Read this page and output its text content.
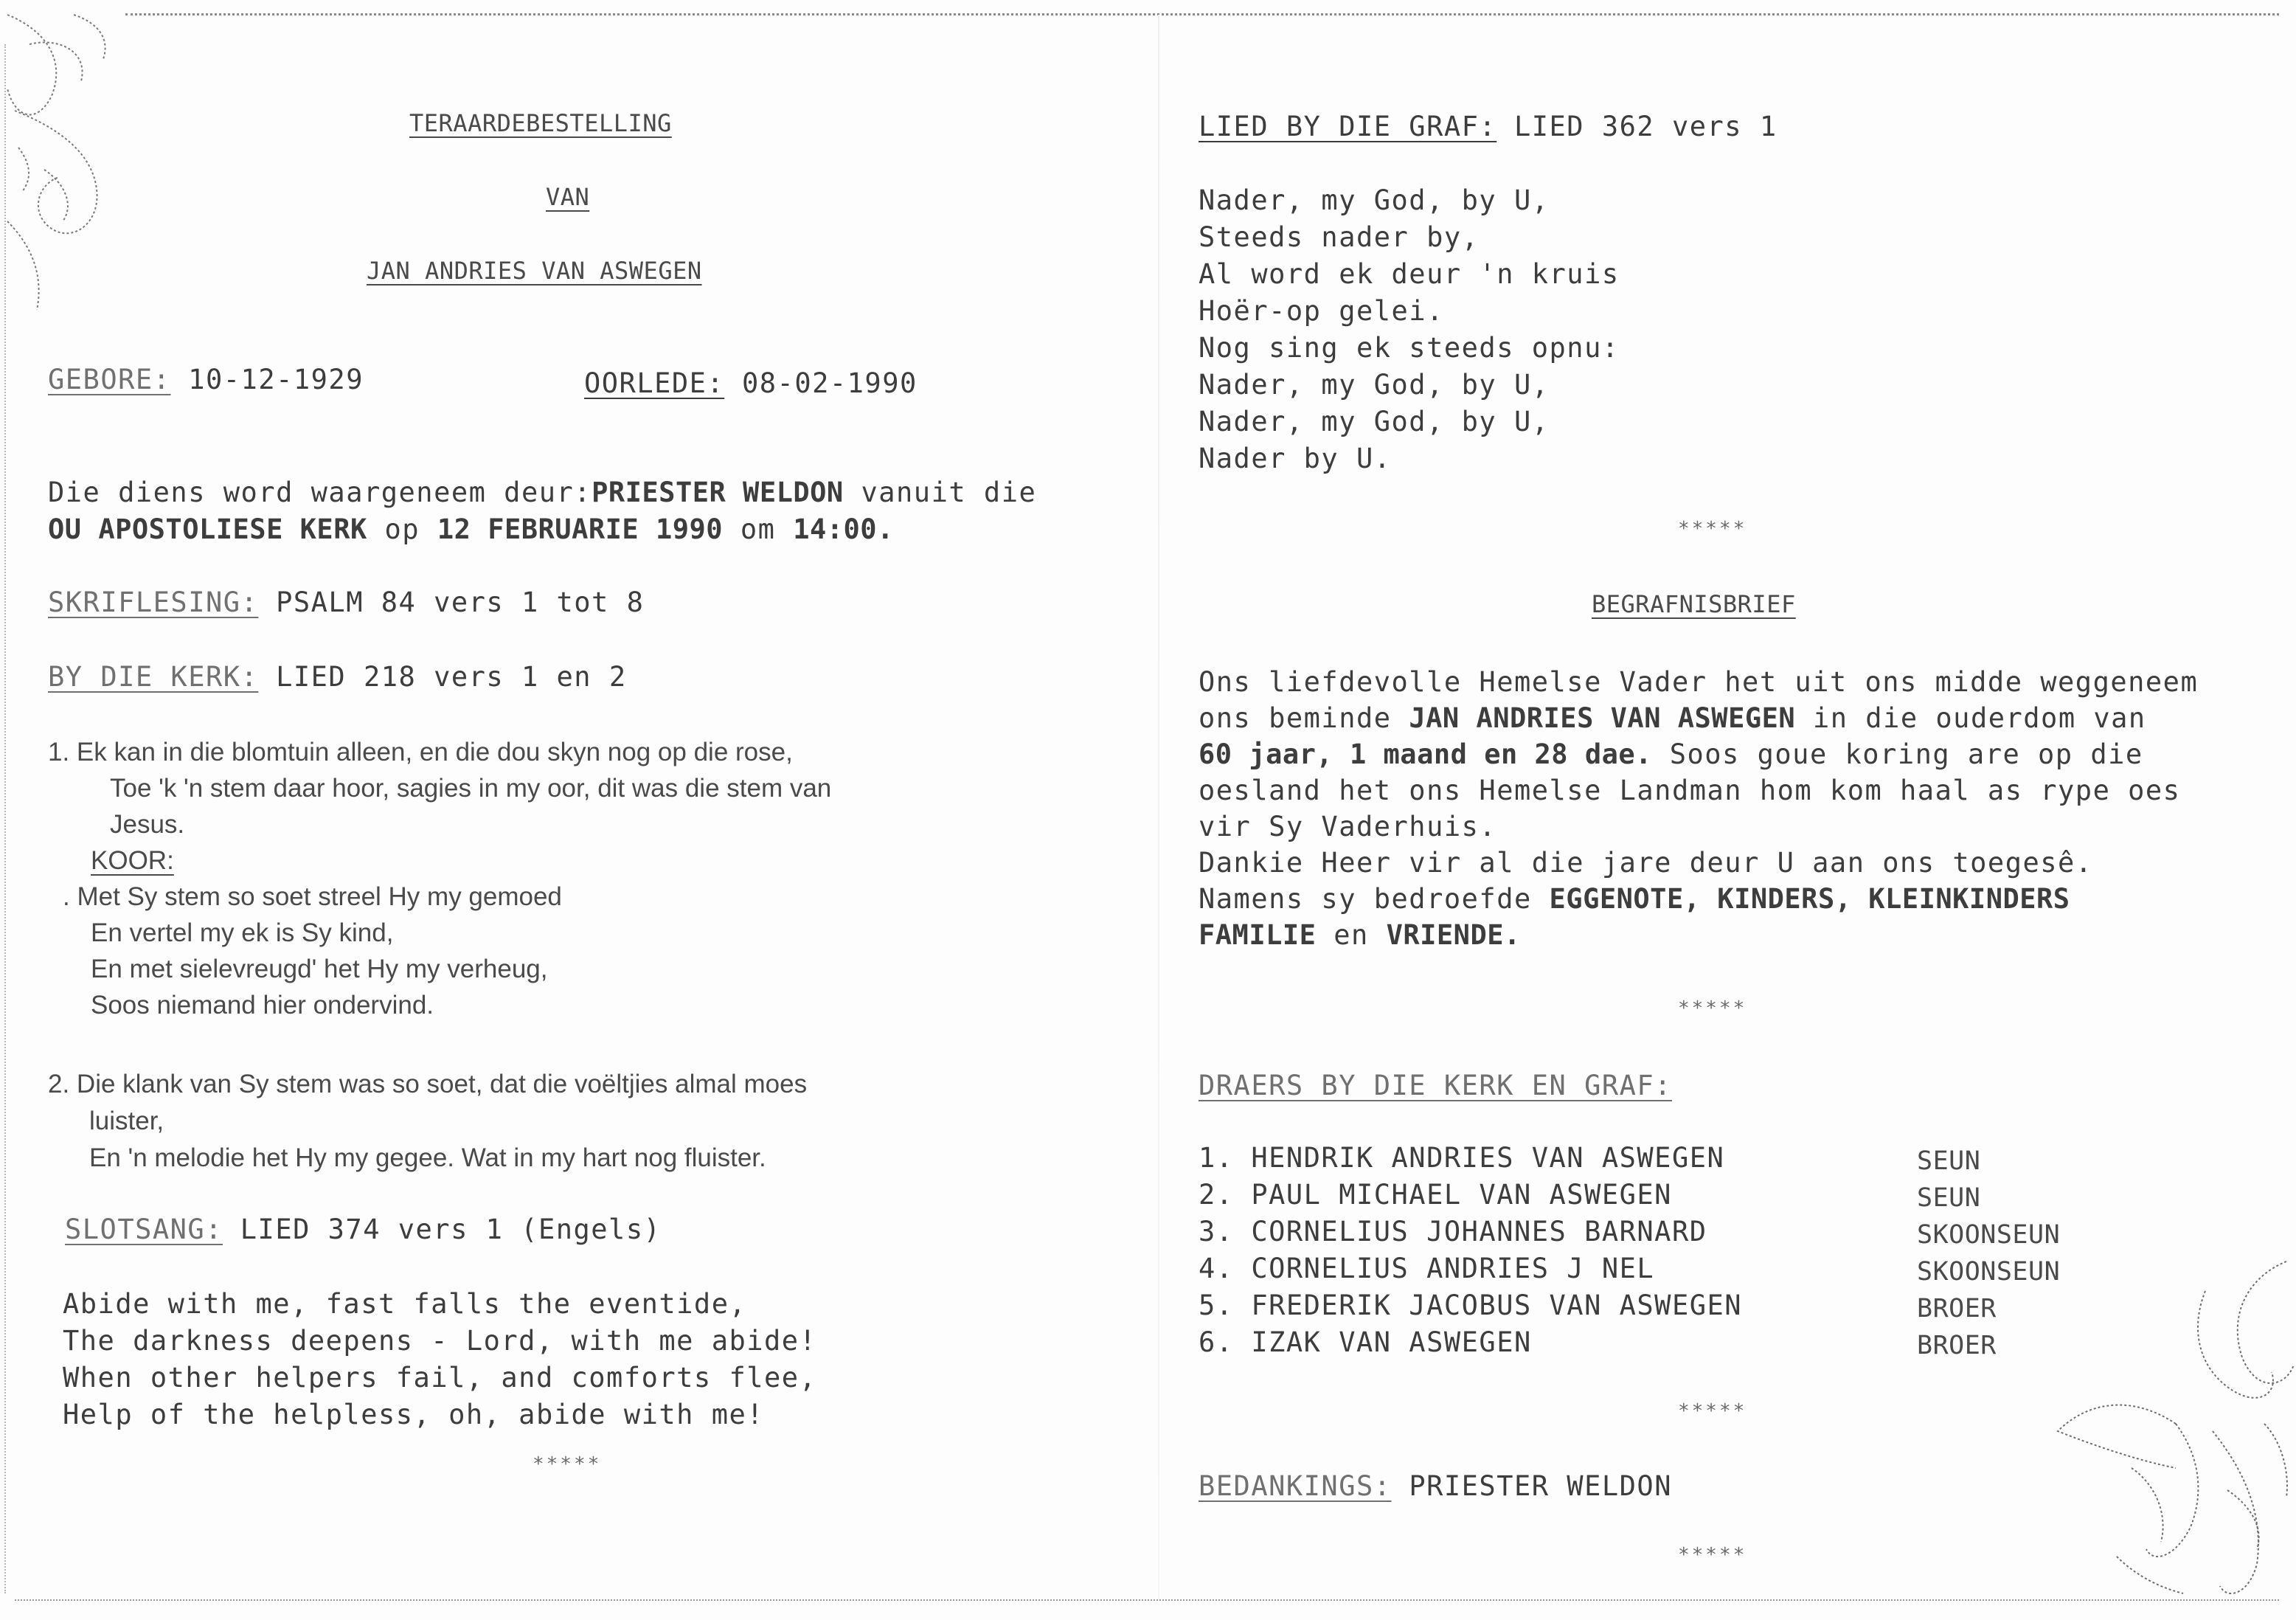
TERAARDEBESTELLING
VAN
JAN ANDRIES VAN ASWEGEN
GEBORE: 10-12-1929	OORLEDE: 08-02-1990
Die diens word waargeneem deur:PRIESTER WELDON vanuit die
OU APOSTOLIESE KERK op 12 FEBRUARIE 1990 om 14:00.
SKRIFLESING: PSALM 84 vers 1 tot 8
BY DIE KERK: LIED 218 vers 1 en 2
1. Ek kan in die blomtuin alleen, en die dou skyn nog op die rose,
Toe 'k 'n stem daar hoor, sagies in my oor, dit was die stem van
Jesus.
KOOR:
. Met Sy stem so soet streel Hy my gemoed
En vertel my ek is Sy kind,
En met sielevreugd' het Hy my verheug,
Soos niemand hier ondervind.
2. Die klank van Sy stem was so soet, dat die voëltjies almal moes
luister,
En 'n melodie het Hy my gegee. Wat in my hart nog fluister.
SLOTSANG: LIED 374 vers 1 (Engels)
Abide with me, fast falls the eventide,
The darkness deepens - Lord, with me abide!
When other helpers fail, and comforts flee,
Help of the helpless, oh, abide with me!
*****
LIED BY DIE GRAF: LIED 362 vers 1
Nader, my God, by U,
Steeds nader by,
Al word ek deur 'n kruis
Hoër-op gelei.
Nog sing ek steeds opnu:
Nader, my God, by U,
Nader, my God, by U,
Nader by U.
*****
BEGRAFNISBRIEF
Ons liefdevolle Hemelse Vader het uit ons midde weggeneem
ons beminde JAN ANDRIES VAN ASWEGEN in die ouderdom van
60 jaar, 1 maand en 28 dae. Soos goue koring are op die
oesland het ons Hemelse Landman hom kom haal as rype oes
vir Sy Vaderhuis.
Dankie Heer vir al die jare deur U aan ons toegesê.
Namens sy bedroefde EGGENOTE, KINDERS, KLEINKINDERS
FAMILIE en VRIENDE.
*****
DRAERS BY DIE KERK EN GRAF:
1. HENDRIK ANDRIES VAN ASWEGEN	SEUN
2. PAUL MICHAEL VAN ASWEGEN	SEUN
3. CORNELIUS JOHANNES BARNARD	SKOONSEUN
4. CORNELIUS ANDRIES J NEL	SKOONSEUN
5. FREDERIK JACOBUS VAN ASWEGEN	BROER
6. IZAK VAN ASWEGEN	BROER
*****
BEDANKINGS: PRIESTER WELDON
*****
